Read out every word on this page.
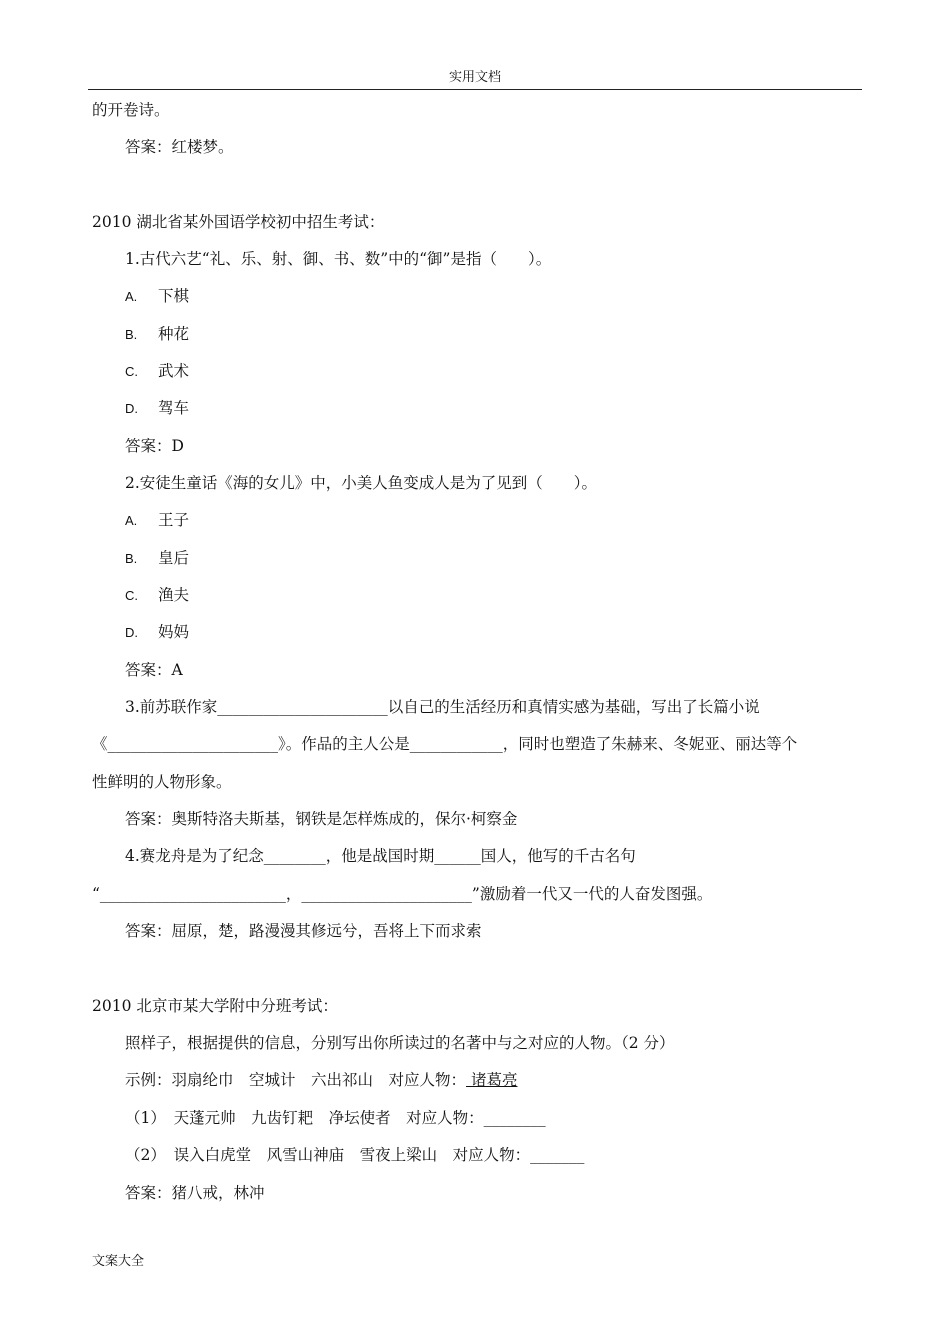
实用文档
的开卷诗。
答案：红楼梦。
2010 湖北省某外国语学校初中招生考试：
1.古代六艺“礼、乐、射、御、书、数”中的“御”是指（　　）。
A. 下棋
B. 种花
C. 武术
D. 驾车
答案：D
2.安徒生童话《海的女儿》中，小美人鱼变成人是为了见到（　　）。
A. 王子
B. 皇后
C. 渔夫
D. 妈妈
答案：A
3.前苏联作家______________________以自己的生活经历和真情实感为基础，写出了长篇小说
《______________________》。作品的主人公是____________，同时也塑造了朱赫来、冬妮亚、丽达等个
性鲜明的人物形象。
答案：奥斯特洛夫斯基，钢铁是怎样炼成的，保尔·柯察金
4.赛龙舟是为了纪念________，他是战国时期______国人，他写的千古名句
“________________________，______________________”激励着一代又一代的人奋发图强。
答案：屈原，楚，路漫漫其修远兮，吾将上下而求索
2010 北京市某大学附中分班考试：
照样子，根据提供的信息，分别写出你所读过的名著中与之对应的人物。（2 分）
示例：羽扇纶巾　空城计　六出祁山　对应人物： 诸葛亮
（1）　天蓬元帅　九齿钉耙　净坛使者　对应人物：________
（2）　误入白虎堂　风雪山神庙　雪夜上梁山　对应人物：_______
答案：猪八戒，林冲
文案大全
